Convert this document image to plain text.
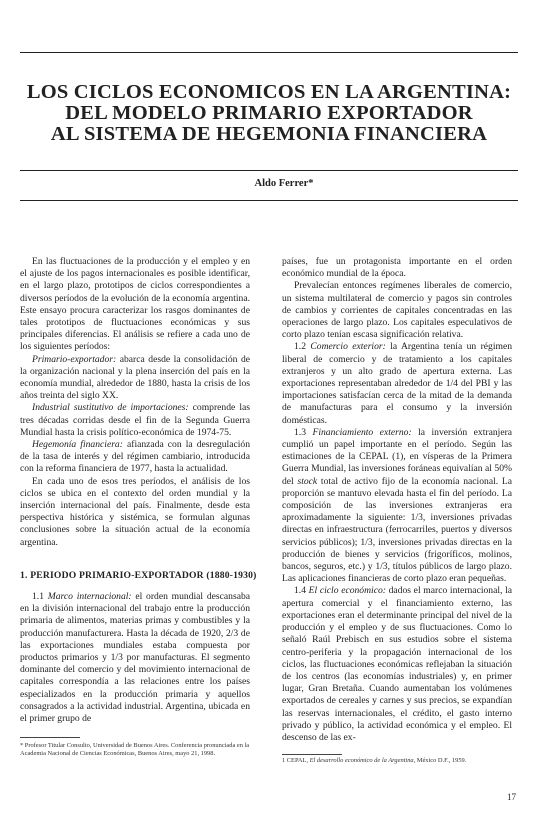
LOS CICLOS ECONOMICOS EN LA ARGENTINA:
DEL MODELO PRIMARIO EXPORTADOR
AL SISTEMA DE HEGEMONIA FINANCIERA
Aldo Ferrer*

En las fluctuaciones de la producción y el empleo y en el ajuste de los pagos internacionales es posible identificar, en el largo plazo, prototipos de ciclos correspondientes a diversos períodos de la evolución de la economía argentina. Este ensayo procura caracterizar los rasgos dominantes de tales prototipos de fluctuaciones económicas y sus principales diferencias. El análisis se refiere a cada uno de los siguientes períodos:

Primario-exportador: abarca desde la consolidación de la organización nacional y la plena inserción del país en la economía mundial, alrededor de 1880, hasta la crisis de los años treinta del siglo XX.

Industrial sustitutivo de importaciones: comprende las tres décadas corridas desde el fin de la Segunda Guerra Mundial hasta la crisis político-económica de 1974-75.

Hegemonía financiera: afianzada con la desregulación de la tasa de interés y del régimen cambiario, introducida con la reforma financiera de 1977, hasta la actualidad.

En cada uno de esos tres períodos, el análisis de los ciclos se ubica en el contexto del orden mundial y la inserción internacional del país. Finalmente, desde esta perspectiva histórica y sistémica, se formulan algunas conclusiones sobre la situación actual de la economía argentina.

1. PERIODO PRIMARIO-EXPORTADOR (1880-1930)

1.1 Marco internacional: el orden mundial descansaba en la división internacional del trabajo entre la producción primaria de alimentos, materias primas y combustibles y la producción manufacturera. Hasta la década de 1920, 2/3 de las exportaciones mundiales estaba compuesta por productos primarios y 1/3 por manufacturas. El segmento dominante del comercio y del movimiento internacional de capitales correspondía a las relaciones entre los países especializados en la producción primaria y aquellos consagrados a la actividad industrial. Argentina, ubicada en el primer grupo de

países, fue un protagonista importante en el orden económico mundial de la época.

Prevalecían entonces regímenes liberales de comercio, un sistema multilateral de comercio y pagos sin controles de cambios y corrientes de capitales concentradas en las operaciones de largo plazo. Los capitales especulativos de corto plazo tenían escasa significación relativa.

1.2 Comercio exterior: la Argentina tenía un régimen liberal de comercio y de tratamiento a los capitales extranjeros y un alto grado de apertura externa. Las exportaciones representaban alrededor de 1/4 del PBI y las importaciones satisfacían cerca de la mitad de la demanda de manufacturas para el consumo y la inversión domésticas.

1.3 Financiamiento externo: la inversión extranjera cumplió un papel importante en el período. Según las estimaciones de la CEPAL (1), en vísperas de la Primera Guerra Mundial, las inversiones foráneas equivalían al 50% del stock total de activo fijo de la economía nacional. La proporción se mantuvo elevada hasta el fin del período. La composición de las inversiones extranjeras era aproximadamente la siguiente: 1/3, inversiones privadas directas en infraestructura (ferrocarriles, puertos y diversos servicios públicos); 1/3, inversiones privadas directas en la producción de bienes y servicios (frigoríficos, molinos, bancos, seguros, etc.) y 1/3, títulos públicos de largo plazo. Las aplicaciones financieras de corto plazo eran pequeñas.

1.4 El ciclo económico: dados el marco internacional, la apertura comercial y el financiamiento externo, las exportaciones eran el determinante principal del nivel de la producción y el empleo y de sus fluctuaciones. Como lo señaló Raúl Prebisch en sus estudios sobre el sistema centro-periferia y la propagación internacional de los ciclos, las fluctuaciones económicas reflejaban la situación de los centros (las economías industriales) y, en primer lugar, Gran Bretaña. Cuando aumentaban los volúmenes exportados de cereales y carnes y sus precios, se expandían las reservas internacionales, el crédito, el gasto interno privado y público, la actividad económica y el empleo. El descenso de las ex-

* Profesor Titular Consulto, Universidad de Buenos Aires. Conferencia pronunciada en la Academia Nacional de Ciencias Económicas, Buenos Aires, mayo 21, 1998.
1 CEPAL, El desarrollo económico de la Argentina, México D.F., 1959.
17
